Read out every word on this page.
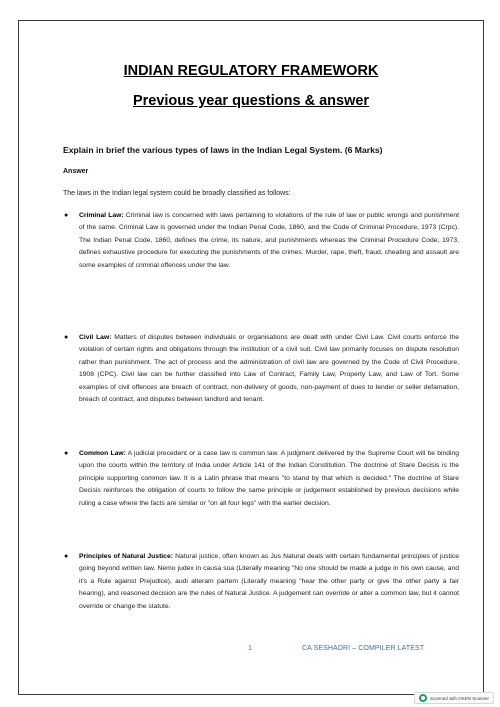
INDIAN REGULATORY FRAMEWORK
Previous year questions & answer
Explain in brief the various types of laws in the Indian Legal System. (6 Marks)
Answer
The laws in the Indian legal system could be broadly classified as follows:
● Criminal Law: Criminal law is concerned with laws pertaining to violations of the rule of law or public wrongs and punishment of the same. Criminal Law is governed under the Indian Penal Code, 1860, and the Code of Criminal Procedure, 1973 (Crpc). The Indian Penal Code, 1860, defines the crime, its nature, and punishments whereas the Criminal Procedure Code, 1973, defines exhaustive procedure for executing the punishments of the crimes. Murder, rape, theft, fraud, cheating and assault are some examples of criminal offences under the law.
● Civil Law: Matters of disputes between individuals or organisations are dealt with under Civil Law. Civil courts enforce the violation of certain rights and obligations through the institution of a civil suit. Civil law primarily focuses on dispute resolution rather than punishment. The act of process and the administration of civil law are governed by the Code of Civil Procedure, 1908 (CPC). Civil law can be further classified into Law of Contract, Family Law, Property Law, and Law of Tort. Some examples of civil offences are breach of contract, non-delivery of goods, non-payment of dues to lender or seller defamation, breach of contract, and disputes between landlord and tenant.
● Common Law: A judicial precedent or a case law is common law. A judgment delivered by the Supreme Court will be binding upon the courts within the territory of India under Article 141 of the Indian Constitution. The doctrine of Stare Decisis is the principle supporting common law. It is a Latin phrase that means "to stand by that which is decided." The doctrine of Stare Decisis reinforces the obligation of courts to follow the same principle or judgement established by previous decisions while ruling a case where the facts are similar or "on all four legs" with the earlier decision.
● Principles of Natural Justice: Natural justice, often known as Jus Natural deals with certain fundamental principles of justice going beyond written law. Nemo judex in causa sua (Literally meaning "No one should be made a judge in his own cause, and it's a Rule against Prejudice), audi alteram partem (Literally meaning "hear the other party or give the other party a fair hearing), and reasoned decision are the rules of Natural Justice. A judgement can override or alter a common law, but it cannot override or change the statute.
1	CA SESHADRI – COMPILER LATEST
Scanned with OKEN Scanner
